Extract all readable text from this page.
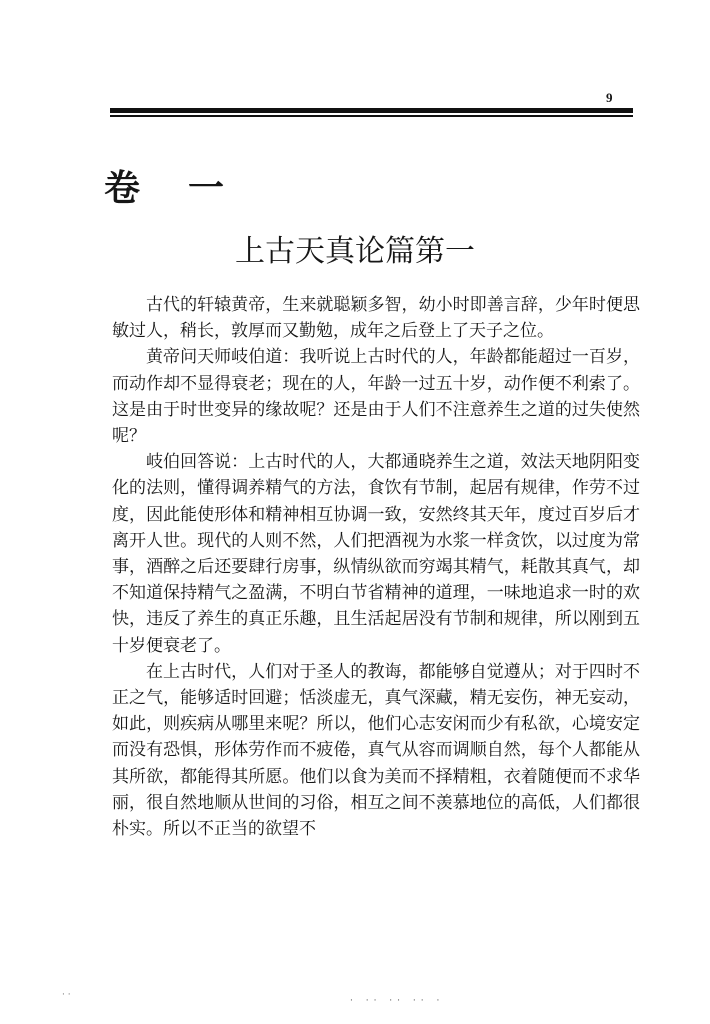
9
卷 一
上古天真论篇第一

古代的轩辕黄帝，生来就聪颖多智，幼小时即善言辞，少年时便思敏过人，稍长，敦厚而又勤勉，成年之后登上了天子之位。

黄帝问天师岐伯道：我听说上古时代的人，年龄都能超过一百岁，而动作却不显得衰老；现在的人，年龄一过五十岁，动作便不利索了。这是由于时世变异的缘故呢？还是由于人们不注意养生之道的过失使然呢？

岐伯回答说：上古时代的人，大都通晓养生之道，效法天地阴阳变化的法则，懂得调养精气的方法，食饮有节制，起居有规律，作劳不过度，因此能使形体和精神相互协调一致，安然终其天年，度过百岁后才离开人世。现代的人则不然，人们把酒视为水浆一样贪饮，以过度为常事，酒醉之后还要肆行房事，纵情纵欲而穷竭其精气，耗散其真气，却不知道保持精气之盈满，不明白节省精神的道理，一味地追求一时的欢快，违反了养生的真正乐趣，且生活起居没有节制和规律，所以刚到五十岁便衰老了。

在上古时代，人们对于圣人的教诲，都能够自觉遵从；对于四时不正之气，能够适时回避；恬淡虚无，真气深藏，精无妄伤，神无妄动，如此，则疾病从哪里来呢？所以，他们心志安闲而少有私欲，心境安定而没有恐惧，形体劳作而不疲倦，真气从容而调顺自然，每个人都能从其所欲，都能得其所愿。他们以食为美而不择精粗，衣着随便而不求华丽，很自然地顺从世间的习俗，相互之间不羡慕地位的高低，人们都很朴实。所以不正当的欲望不

· ·
· ·· ·· ·· ·
